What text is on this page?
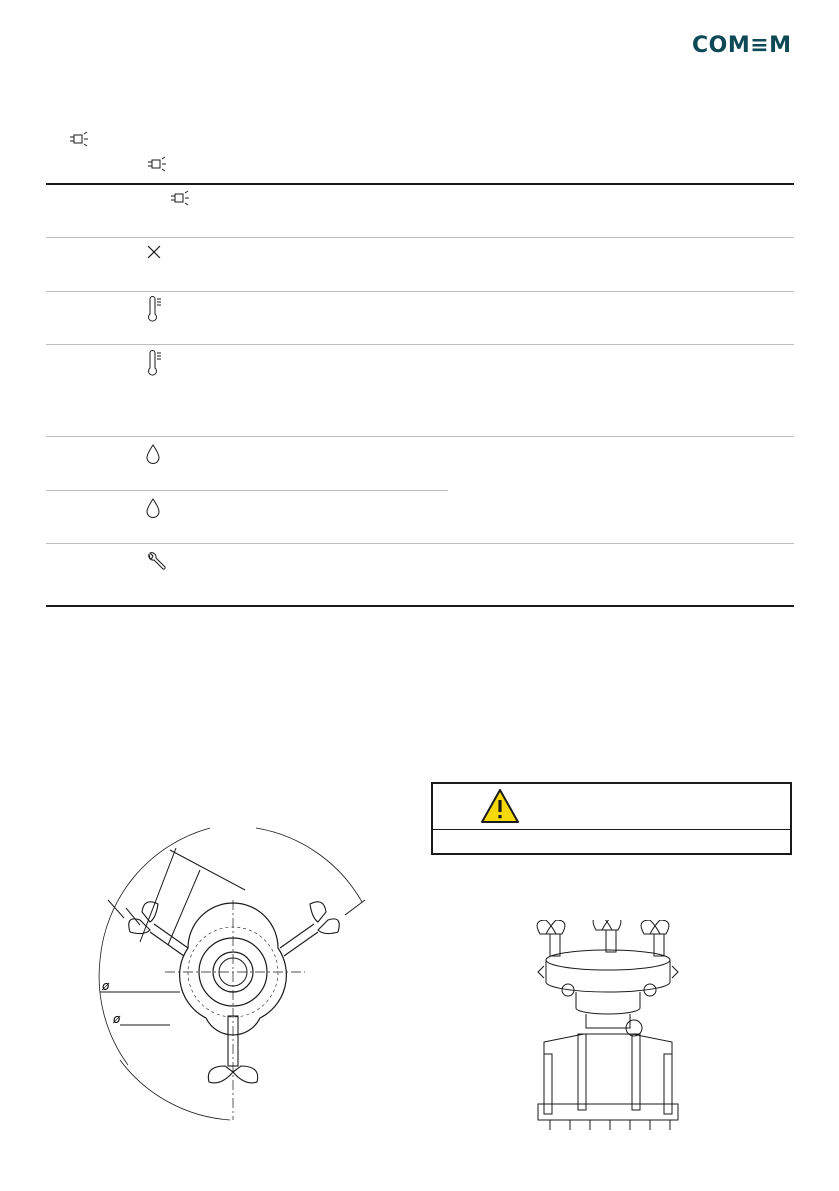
COM≡M
ø
ø
